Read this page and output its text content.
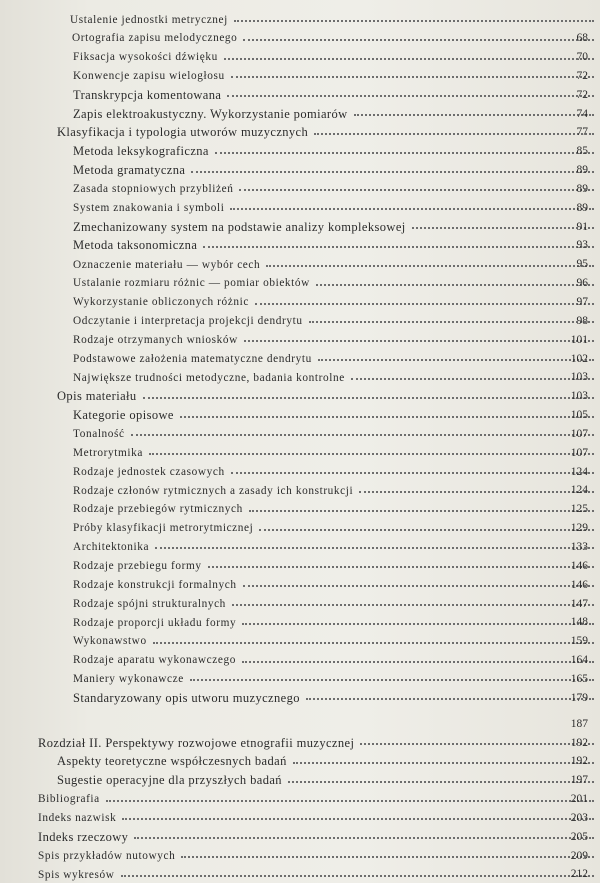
Ustalenie jednostki metrycznej
Ortografia zapisu melodycznego	68
Fiksacja wysokości dźwięku	70
Konwencje zapisu wielogłosu	72
Transkrypcja komentowana	72
Zapis elektroakustyczny. Wykorzystanie pomiarów	74
Klasyfikacja i typologia utworów muzycznych	77
Metoda leksykograficzna	85
Metoda gramatyczna	89
Zasada stopniowych przybliżeń	89
System znakowania i symboli	89
Zmechanizowany system na podstawie analizy kompleksowej	91
Metoda taksonomiczna	93
Oznaczenie materiału — wybór cech	95
Ustalanie rozmiaru różnic — pomiar obiektów	96
Wykorzystanie obliczonych różnic	97
Odczytanie i interpretacja projekcji dendrytu	98
Rodzaje otrzymanych wniosków	101
Podstawowe założenia matematyczne dendrytu	102
Największe trudności metodyczne, badania kontrolne	103
Opis materiału	103
Kategorie opisowe	105
Tonalność	107
Metrorytmika	107
Rodzaje jednostek czasowych	124
Rodzaje członów rytmicznych a zasady ich konstrukcji	124
Rodzaje przebiegów rytmicznych	125
Próby klasyfikacji metrorytmicznej	129
Architektonika	133
Rodzaje przebiegu formy	146
Rodzaje konstrukcji formalnych	146
Rodzaje spójni strukturalnych	147
Rodzaje proporcji układu formy	148
Wykonawstwo	159
Rodzaje aparatu wykonawczego	164
Maniery wykonawcze	165
Standaryzowany opis utworu muzycznego	179
187
Rozdział II. Perspektywy rozwojowe etnografii muzycznej	192
Aspekty teoretyczne współczesnych badań	192
Sugestie operacyjne dla przyszłych badań	197
Bibliografia	201
Indeks nazwisk	203
Indeks rzeczowy	205
Spis przykładów nutowych	209
Spis wykresów	212
